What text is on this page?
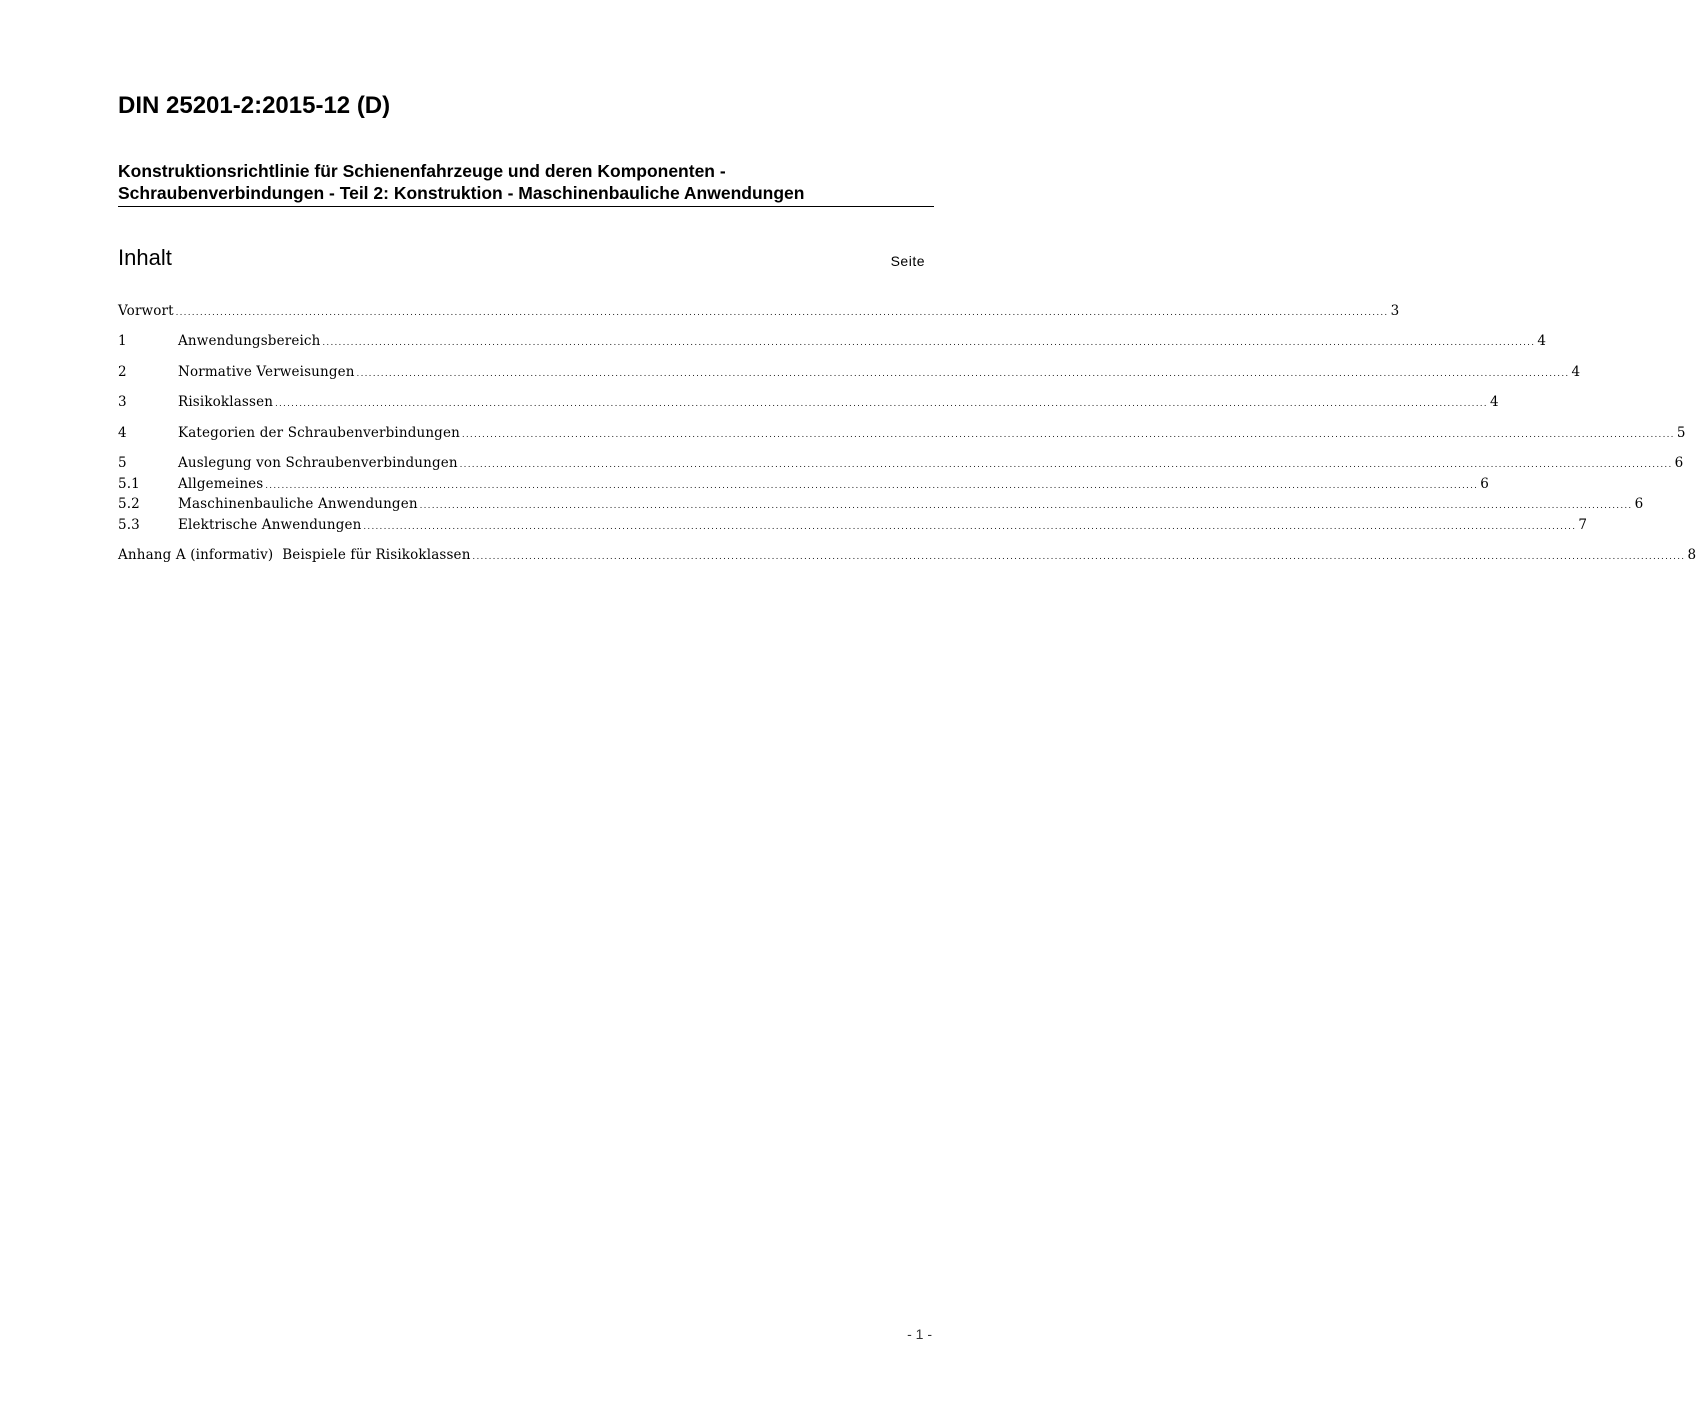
DIN 25201-2:2015-12 (D)
Konstruktionsrichtlinie für Schienenfahrzeuge und deren Komponenten -
Schraubenverbindungen - Teil 2: Konstruktion - Maschinenbauliche Anwendungen
Inhalt	Seite
Vorwort ............................................................................................................................................................................................................................................................................................................ 3
1	Anwendungsbereich ............................................................................................................................................................................................................................................................................................................ 4
2	Normative Verweisungen ............................................................................................................................................................................................................................................................................................................ 4
3	Risikoklassen ............................................................................................................................................................................................................................................................................................................ 4
4	Kategorien der Schraubenverbindungen ............................................................................................................................................................................................................................................................................................................ 5
5	Auslegung von Schraubenverbindungen ............................................................................................................................................................................................................................................................................................................ 6
5.1	Allgemeines ............................................................................................................................................................................................................................................................................................................ 6
5.2	Maschinenbauliche Anwendungen ............................................................................................................................................................................................................................................................................................................ 6
5.3	Elektrische Anwendungen ............................................................................................................................................................................................................................................................................................................ 7
Anhang A (informativ)  Beispiele für Risikoklassen ............................................................................................................................................................................................................................................................................................................ 8
- 1 -
